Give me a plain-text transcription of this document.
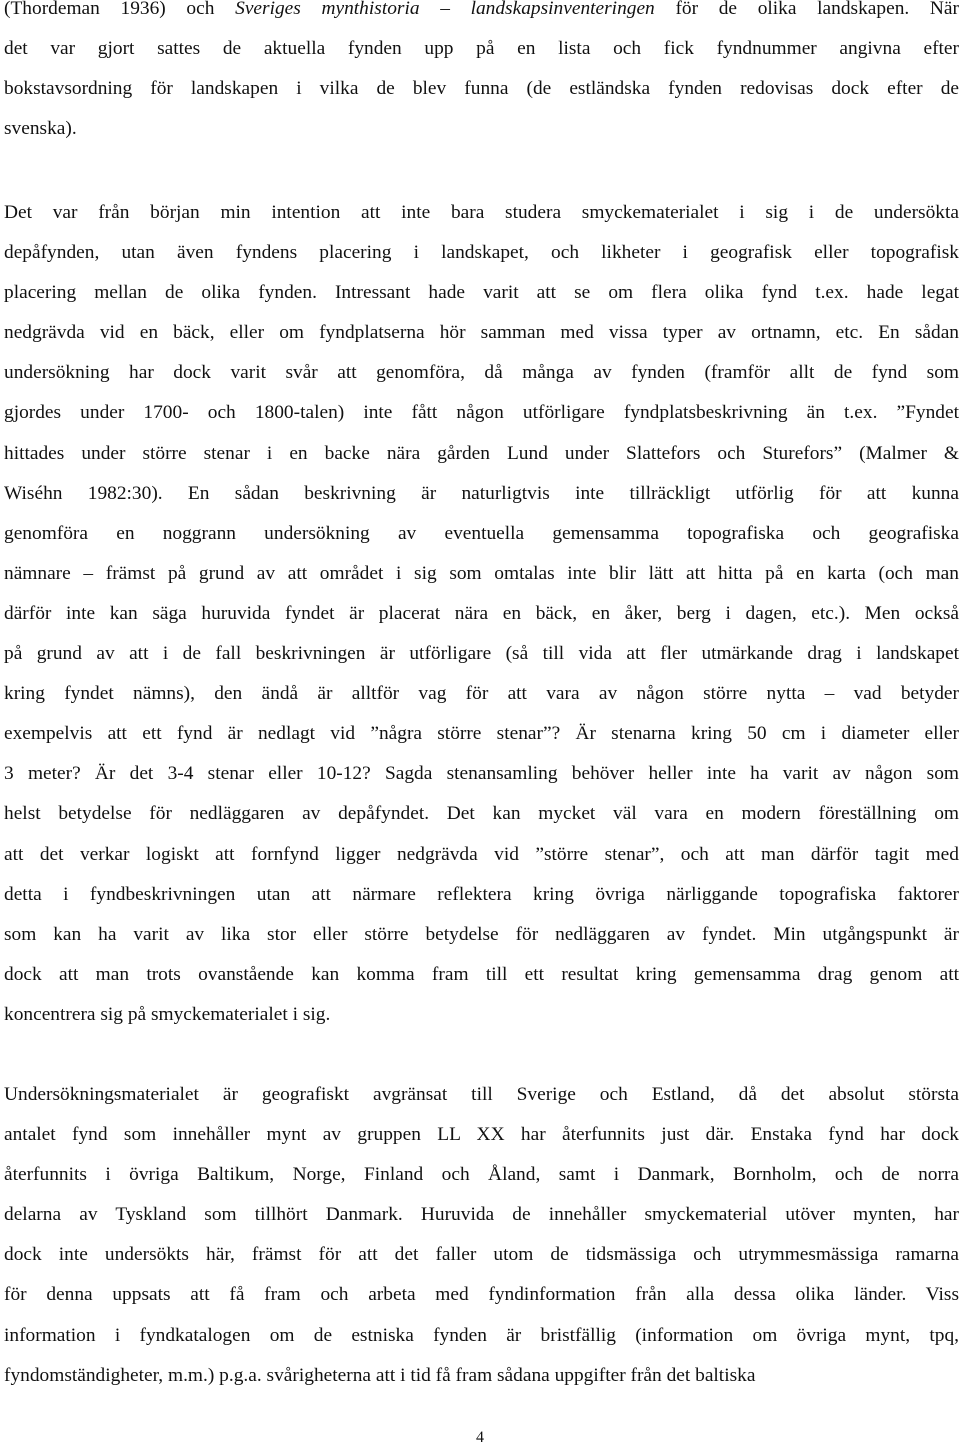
(Thordeman 1936) och Sveriges mynthistoria – landskapsinventeringen för de olika landskapen. När
det var gjort sattes de aktuella fynden upp på en lista och fick fyndnummer angivna efter
bokstavsordning för landskapen i vilka de blev funna (de estländska fynden redovisas dock efter de
svenska).

Det var från början min intention att inte bara studera smyckematerialet i sig i de undersökta
depåfynden, utan även fyndens placering i landskapet, och likheter i geografisk eller topografisk
placering mellan de olika fynden. Intressant hade varit att se om flera olika fynd t.ex. hade legat
nedgrävda vid en bäck, eller om fyndplatserna hör samman med vissa typer av ortnamn, etc. En sådan
undersökning har dock varit svår att genomföra, då många av fynden (framför allt de fynd som
gjordes under 1700- och 1800-talen) inte fått någon utförligare fyndplatsbeskrivning än t.ex. ”Fyndet
hittades under större stenar i en backe nära gården Lund under Slattefors och Sturefors” (Malmer &
Wiséhn 1982:30). En sådan beskrivning är naturligtvis inte tillräckligt utförlig för att kunna
genomföra en noggrann undersökning av eventuella gemensamma topografiska och geografiska
nämnare – främst på grund av att området i sig som omtalas inte blir lätt att hitta på en karta (och man
därför inte kan säga huruvida fyndet är placerat nära en bäck, en åker, berg i dagen, etc.). Men också
på grund av att i de fall beskrivningen är utförligare (så till vida att fler utmärkande drag i landskapet
kring fyndet nämns), den ändå är alltför vag för att vara av någon större nytta – vad betyder
exempelvis att ett fynd är nedlagt vid ”några större stenar”? Är stenarna kring 50 cm i diameter eller
3 meter? Är det 3-4 stenar eller 10-12? Sagda stenansamling behöver heller inte ha varit av någon som
helst betydelse för nedläggaren av depåfyndet. Det kan mycket väl vara en modern föreställning om
att det verkar logiskt att fornfynd ligger nedgrävda vid ”större stenar”, och att man därför tagit med
detta i fyndbeskrivningen utan att närmare reflektera kring övriga närliggande topografiska faktorer
som kan ha varit av lika stor eller större betydelse för nedläggaren av fyndet. Min utgångspunkt är
dock att man trots ovanstående kan komma fram till ett resultat kring gemensamma drag genom att
koncentrera sig på smyckematerialet i sig.

Undersökningsmaterialet är geografiskt avgränsat till Sverige och Estland, då det absolut största
antalet fynd som innehåller mynt av gruppen LL XX har återfunnits just där. Enstaka fynd har dock
återfunnits i övriga Baltikum, Norge, Finland och Åland, samt i Danmark, Bornholm, och de norra
delarna av Tyskland som tillhört Danmark. Huruvida de innehåller smyckematerial utöver mynten, har
dock inte undersökts här, främst för att det faller utom de tidsmässiga och utrymmesmässiga ramarna
för denna uppsats att få fram och arbeta med fyndinformation från alla dessa olika länder. Viss
information i fyndkatalogen om de estniska fynden är bristfällig (information om övriga mynt, tpq,
fyndomständigheter, m.m.) p.g.a. svårigheterna att i tid få fram sådana uppgifter från det baltiska

4
